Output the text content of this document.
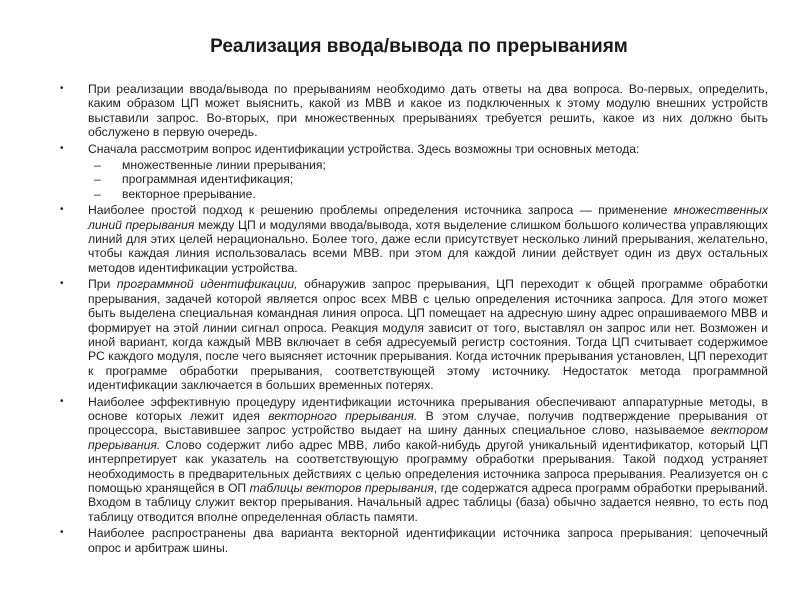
Реализация ввода/вывода по прерываниям
• При реализации ввода/вывода по прерываниям необходимо дать ответы на два вопроса. Во-первых, определить, каким образом ЦП может выяснить, какой из МВВ и какое из подключенных к этому модулю внешних устройств выставили запрос. Во-вторых, при множественных прерываниях требуется решить, какое из них должно быть обслужено в первую очередь.
• Сначала рассмотрим вопрос идентификации устройства. Здесь возможны три основных метода:
– множественные линии прерывания;
– программная идентификация;
– векторное прерывание.
• Наиболее простой подход к решению проблемы определения источника запроса — применение множественных линий прерывания между ЦП и модулями ввода/вывода, хотя выделение слишком большого количества управляющих линий для этих целей нерационально. Более того, даже если присутствует несколько линий прерывания, желательно, чтобы каждая линия использовалась всеми МВВ. при этом для каждой линии действует один из двух остальных методов идентификации устройства.
• При программной идентификации, обнаружив запрос прерывания, ЦП переходит к общей программе обработки прерывания, задачей которой является опрос всех МВВ с целью определения источника запроса. Для этого может быть выделена специальная командная линия опроса. ЦП помещает на адресную шину адрес опрашиваемого МВВ и формирует на этой линии сигнал опроса. Реакция модуля зависит от того, выставлял он запрос или нет. Возможен и иной вариант, когда каждый МВВ включает в себя адресуемый регистр состояния. Тогда ЦП считывает содержимое РС каждого модуля, после чего выясняет источник прерывания. Когда источник прерывания установлен, ЦП переходит к программе обработки прерывания, соответствующей этому источнику. Недостаток метода программной идентификации заключается в больших временных потерях.
• Наиболее эффективную процедуру идентификации источника прерывания обеспечивают аппаратурные методы, в основе которых лежит идея векторного прерывания. В этом случае, получив подтверждение прерывания от процессора, выставившее запрос устройство выдает на шину данных специальное слово, называемое вектором прерывания. Слово содержит либо адрес МВВ, либо какой-нибудь другой уникальный идентификатор, который ЦП интерпретирует как указатель на соответствующую программу обработки прерывания. Такой подход устраняет необходимость в предварительных действиях с целью определения источника запроса прерывания. Реализуется он с помощью хранящейся в ОП таблицы векторов прерывания, где содержатся адреса программ обработки прерываний. Входом в таблицу служит вектор прерывания. Начальный адрес таблицы (база) обычно задается неявно, то есть под таблицу отводится вполне определенная область памяти.
• Наиболее распространены два варианта векторной идентификации источника запроса прерывания: цепочечный опрос и арбитраж шины.
